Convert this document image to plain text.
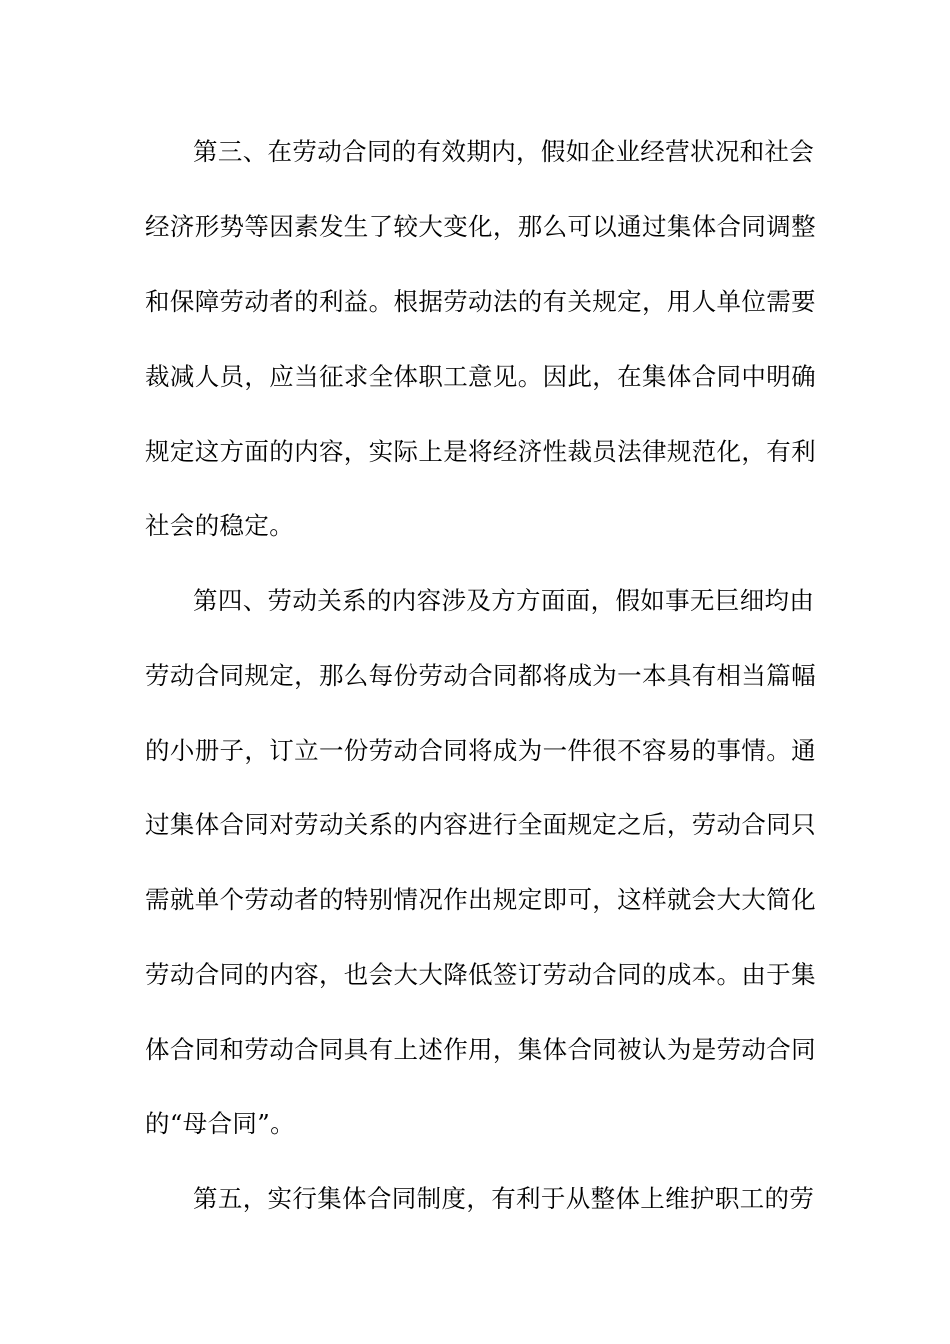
第三、在劳动合同的有效期内，假如企业经营状况和社会
经济形势等因素发生了较大变化，那么可以通过集体合同调整
和保障劳动者的利益。根据劳动法的有关规定，用人单位需要
裁减人员，应当征求全体职工意见。因此，在集体合同中明确
规定这方面的内容，实际上是将经济性裁员法律规范化，有利
社会的稳定。
第四、劳动关系的内容涉及方方面面，假如事无巨细均由
劳动合同规定，那么每份劳动合同都将成为一本具有相当篇幅
的小册子，订立一份劳动合同将成为一件很不容易的事情。通
过集体合同对劳动关系的内容进行全面规定之后，劳动合同只
需就单个劳动者的特别情况作出规定即可，这样就会大大简化
劳动合同的内容，也会大大降低签订劳动合同的成本。由于集
体合同和劳动合同具有上述作用，集体合同被认为是劳动合同
的“母合同”。
第五，实行集体合同制度，有利于从整体上维护职工的劳
